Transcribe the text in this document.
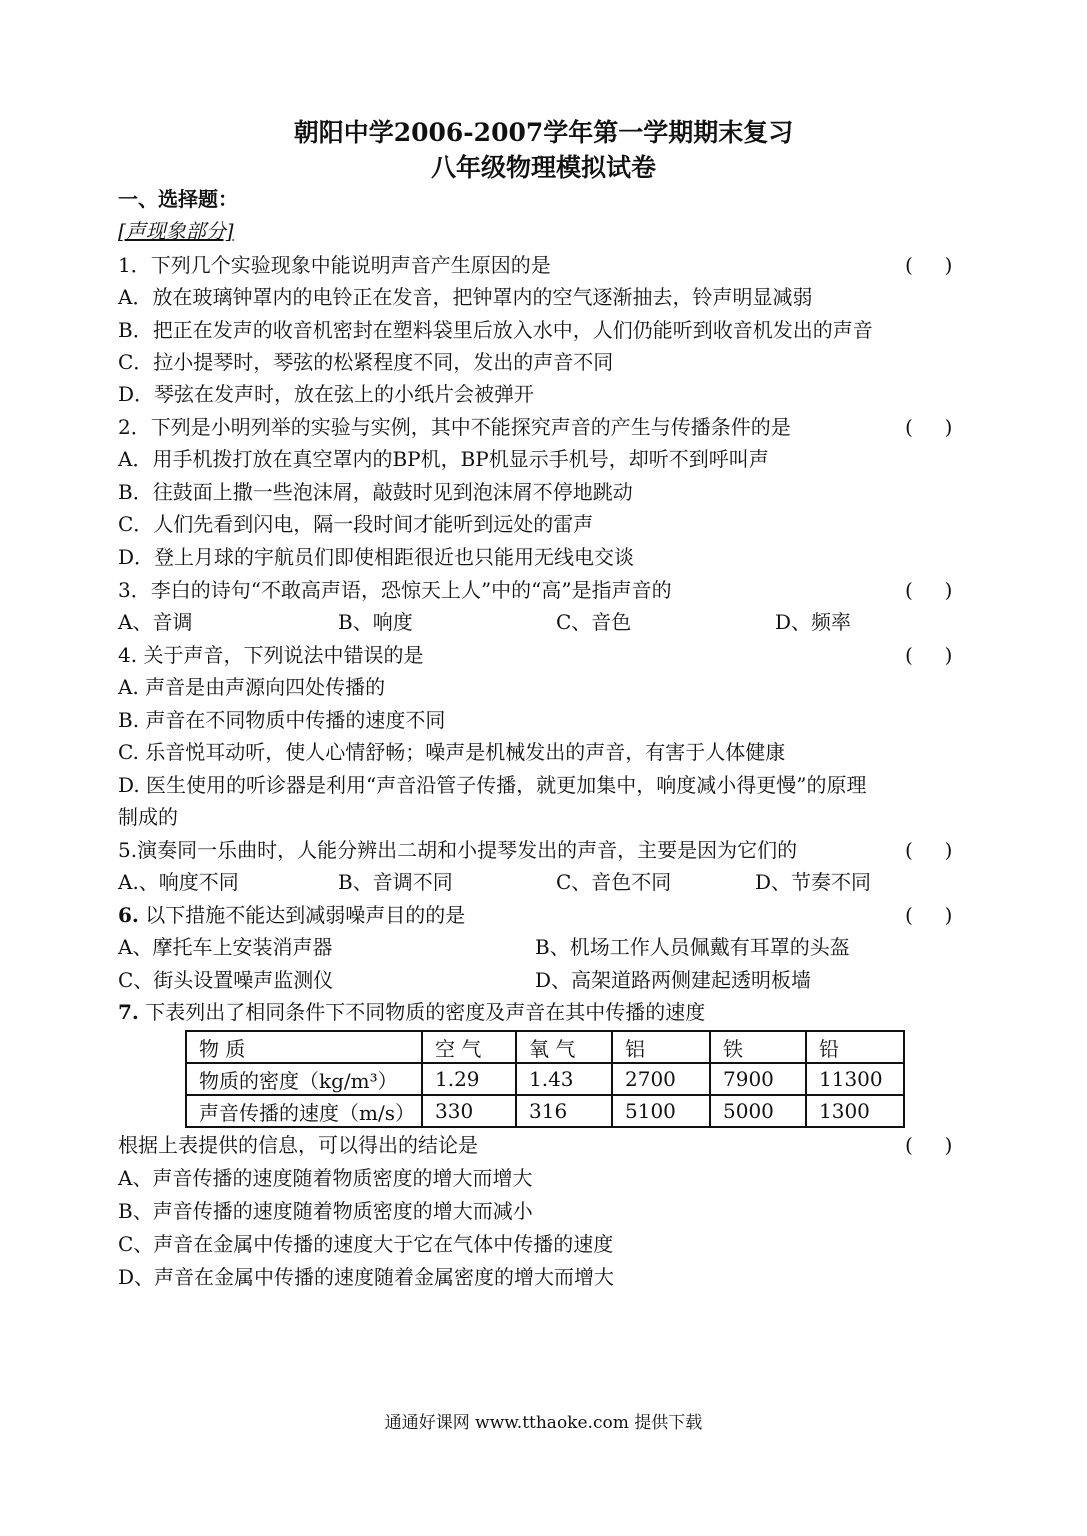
朝阳中学2006-2007学年第一学期期末复习
八年级物理模拟试卷
一、选择题：
[声现象部分]
1．下列几个实验现象中能说明声音产生原因的是	(     )
A．放在玻璃钟罩内的电铃正在发音，把钟罩内的空气逐渐抽去，铃声明显减弱
B．把正在发声的收音机密封在塑料袋里后放入水中，人们仍能听到收音机发出的声音
C．拉小提琴时，琴弦的松紧程度不同，发出的声音不同
D．琴弦在发声时，放在弦上的小纸片会被弹开
2．下列是小明列举的实验与实例，其中不能探究声音的产生与传播条件的是	(     )
A．用手机拨打放在真空罩内的BP机，BP机显示手机号，却听不到呼叫声
B．往鼓面上撒一些泡沫屑，敲鼓时见到泡沫屑不停地跳动
C．人们先看到闪电，隔一段时间才能听到远处的雷声
D．登上月球的宇航员们即使相距很近也只能用无线电交谈
3．李白的诗句“不敢高声语，恐惊天上人”中的“高”是指声音的	(     )
A、音调	B、响度	C、音色	D、频率
4. 关于声音，下列说法中错误的是	(     )
A. 声音是由声源向四处传播的
B. 声音在不同物质中传播的速度不同
C. 乐音悦耳动听，使人心情舒畅；噪声是机械发出的声音，有害于人体健康
D. 医生使用的听诊器是利用“声音沿管子传播，就更加集中，响度减小得更慢”的原理
制成的
5.演奏同一乐曲时，人能分辨出二胡和小提琴发出的声音，主要是因为它们的	(     )
A.、响度不同	B、音调不同	C、音色不同	D、节奏不同
6. 以下措施不能达到减弱噪声目的的是	(     )
A、摩托车上安装消声器	B、机场工作人员佩戴有耳罩的头盔
C、街头设置噪声监测仪	D、高架道路两侧建起透明板墙
7. 下表列出了相同条件下不同物质的密度及声音在其中传播的速度
物 质	空 气	氧 气	铝	铁	铅
物质的密度（kg/m³）	1.29	1.43	2700	7900	11300
声音传播的速度（m/s）	330	316	5100	5000	1300
根据上表提供的信息，可以得出的结论是	(     )
A、声音传播的速度随着物质密度的增大而增大
B、声音传播的速度随着物质密度的增大而减小
C、声音在金属中传播的速度大于它在气体中传播的速度
D、声音在金属中传播的速度随着金属密度的增大而增大
通通好课网 www.tthaoke.com 提供下载
